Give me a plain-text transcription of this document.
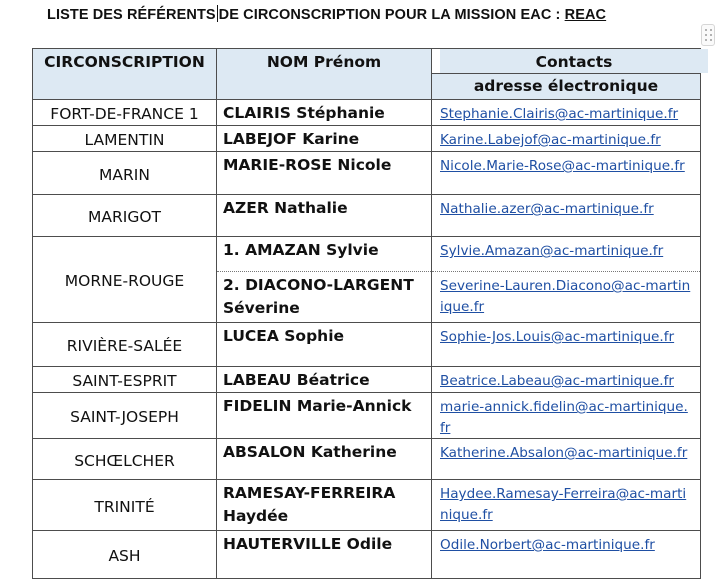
LISTE DES RÉFÉRENTS DE CIRCONSCRIPTION POUR LA MISSION EAC : REAC
CIRCONSCRIPTION	NOM Prénom	Contacts
adresse électronique
FORT-DE-FRANCE 1	CLAIRIS Stéphanie	Stephanie.Clairis@ac-martinique.fr
LAMENTIN	LABEJOF Karine	Karine.Labejof@ac-martinique.fr
MARIN	MARIE-ROSE Nicole	Nicole.Marie-Rose@ac-martinique.fr
MARIGOT	AZER Nathalie	Nathalie.azer@ac-martinique.fr
MORNE-ROUGE	1. AMAZAN Sylvie	Sylvie.Amazan@ac-martinique.fr
2. DIACONO-LARGENT Séverine	Severine-Lauren.Diacono@ac-martinique.fr
RIVIÈRE-SALÉE	LUCEA Sophie	Sophie-Jos.Louis@ac-martinique.fr
SAINT-ESPRIT	LABEAU Béatrice	Beatrice.Labeau@ac-martinique.fr
SAINT-JOSEPH	FIDELIN Marie-Annick	marie-annick.fidelin@ac-martinique.fr
SCHŒLCHER	ABSALON Katherine	Katherine.Absalon@ac-martinique.fr
TRINITÉ	RAMESAY-FERREIRA Haydée	Haydee.Ramesay-Ferreira@ac-martinique.fr
ASH	HAUTERVILLE Odile	Odile.Norbert@ac-martinique.fr
